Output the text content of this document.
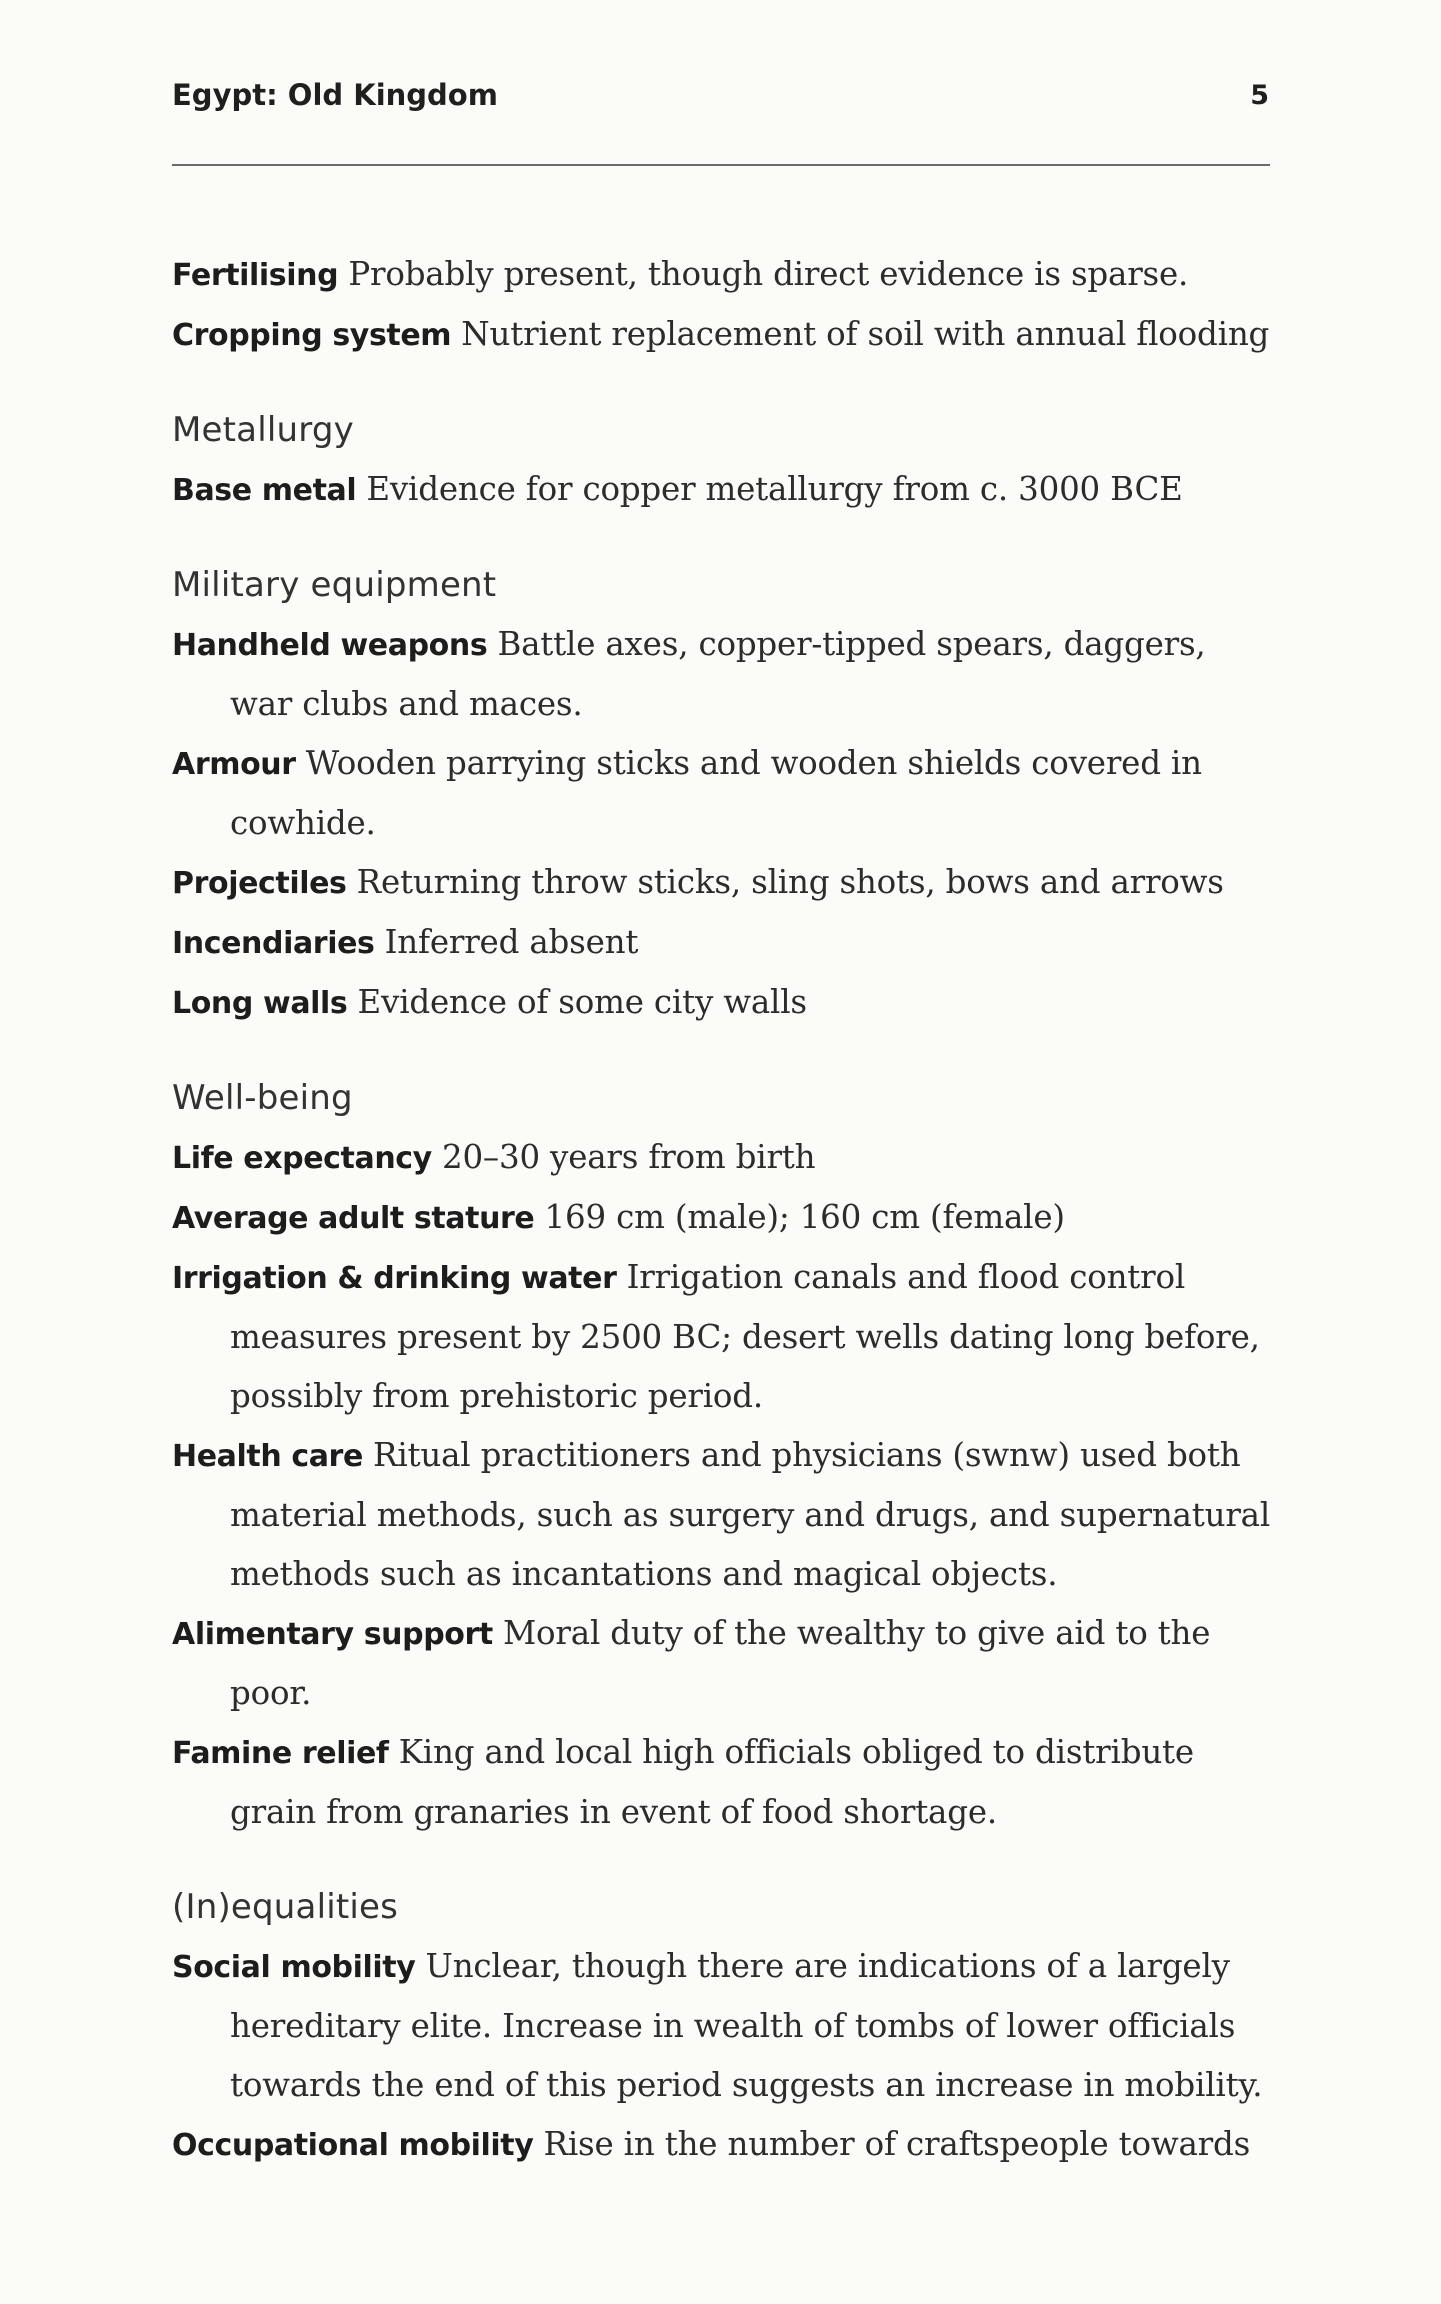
Egypt: Old Kingdom	5
Fertilising Probably present, though direct evidence is sparse.
Cropping system Nutrient replacement of soil with annual flooding
Metallurgy
Base metal Evidence for copper metallurgy from c. 3000 BCE
Military equipment
Handheld weapons Battle axes, copper-tipped spears, daggers, war clubs and maces.
Armour Wooden parrying sticks and wooden shields covered in cowhide.
Projectiles Returning throw sticks, sling shots, bows and arrows
Incendiaries Inferred absent
Long walls Evidence of some city walls
Well-being
Life expectancy 20–30 years from birth
Average adult stature 169 cm (male); 160 cm (female)
Irrigation & drinking water Irrigation canals and flood control measures present by 2500 BC; desert wells dating long before, possibly from prehistoric period.
Health care Ritual practitioners and physicians (swnw) used both material methods, such as surgery and drugs, and supernatural methods such as incantations and magical objects.
Alimentary support Moral duty of the wealthy to give aid to the poor.
Famine relief King and local high officials obliged to distribute grain from granaries in event of food shortage.
(In)equalities
Social mobility Unclear, though there are indications of a largely hereditary elite. Increase in wealth of tombs of lower officials towards the end of this period suggests an increase in mobility.
Occupational mobility Rise in the number of craftspeople towards
